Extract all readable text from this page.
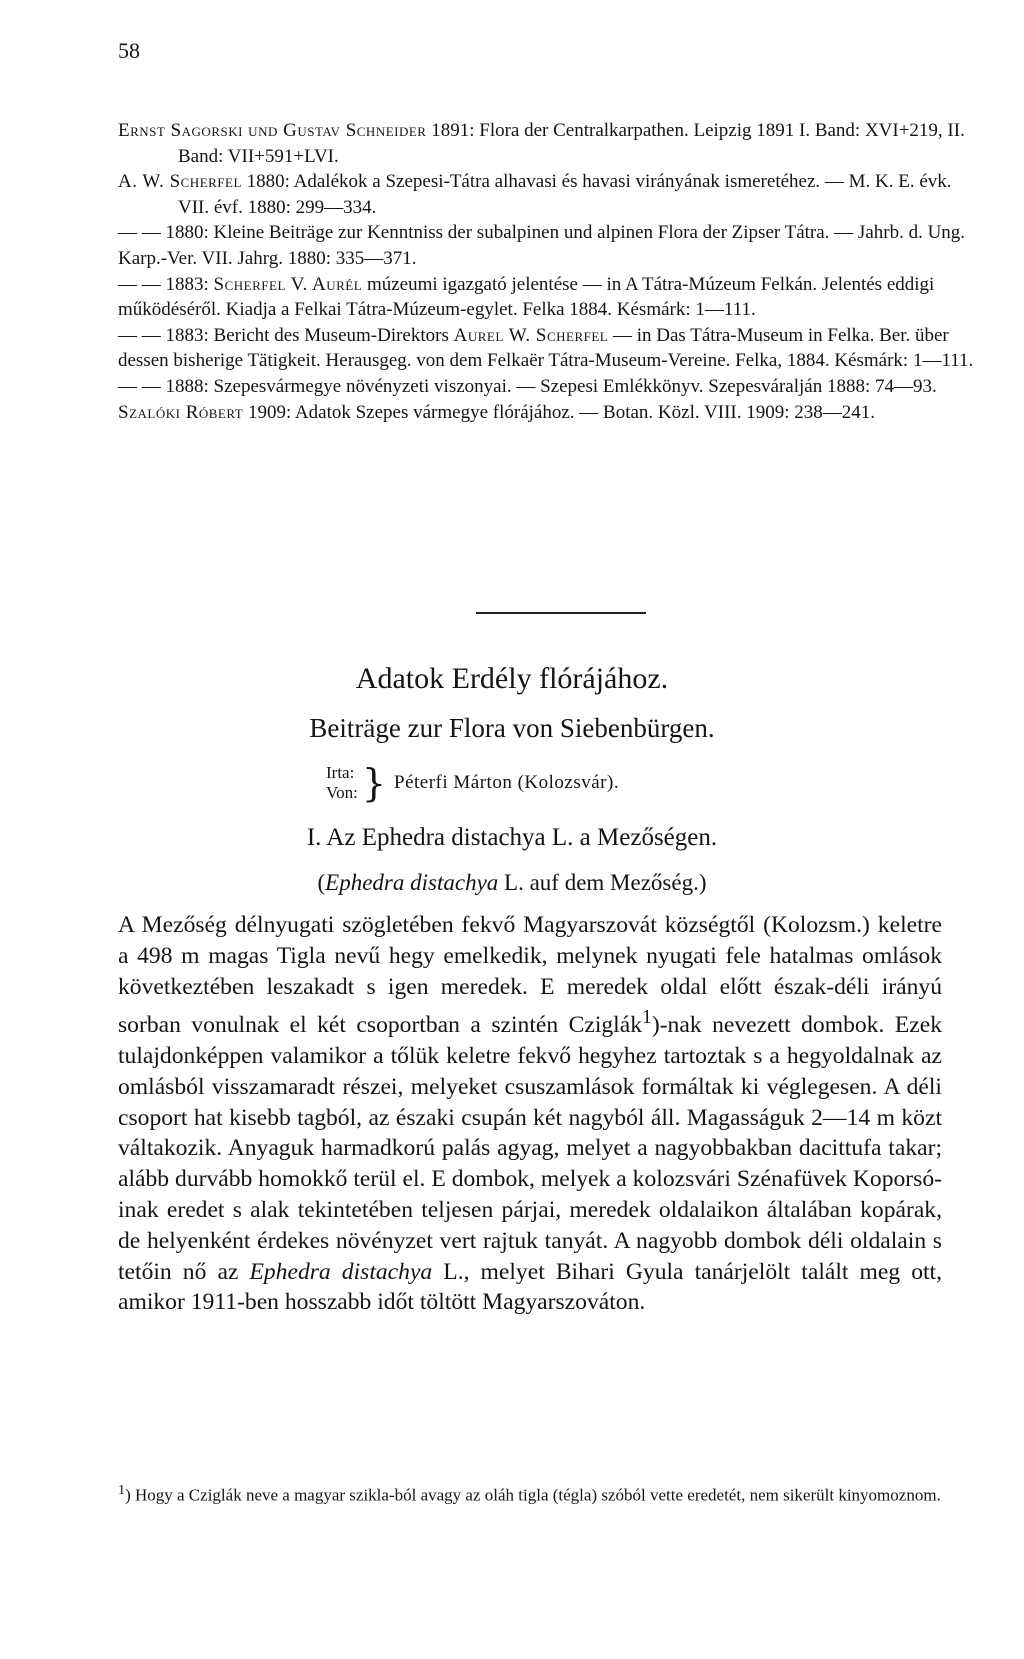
58

Ernst Sagorski und Gustav Schneider 1891: Flora der Centralkarpathen. Leipzig 1891 I. Band: XVI+219, II. Band: VII+591+LVI.

A. W. Scherfel 1880: Adalékok a Szepesi-Tátra alhavasi és havasi virányának ismeretéhez. — M. K. E. évk. VII. évf. 1880: 299—334.

— — 1880: Kleine Beiträge zur Kenntniss der subalpinen und alpinen Flora der Zipser Tátra. — Jahrb. d. Ung. Karp.-Ver. VII. Jahrg. 1880: 335—371.

— — 1883: Scherfel V. Aurél múzeumi igazgató jelentése — in A Tátra-Múzeum Felkán. Jelentés eddigi működéséről. Kiadja a Felkai Tátra-Múzeum-egylet. Felka 1884. Késmárk: 1—111.

— — 1883: Bericht des Museum-Direktors Aurel W. Scherfel — in Das Tátra-Museum in Felka. Ber. über dessen bisherige Tätigkeit. Herausgeg. von dem Felkaër Tátra-Museum-Vereine. Felka, 1884. Késmárk: 1—111.

— — 1888: Szepesvármegye növényzeti viszonyai. — Szepesi Emlékkönyv. Szepesváralján 1888: 74—93.

Szalóki Róbert 1909: Adatok Szepes vármegye flórájához. — Botan. Közl. VIII. 1909: 238—241.

Adatok Erdély flórájához.
Beiträge zur Flora von Siebenbürgen.
Irta:
Von: } Péterfi Márton (Kolozsvár).
I. Az Ephedra distachya L. a Mezőségen.
(Ephedra distachya L. auf dem Mezőség.)

A Mezőség délnyugati szögletében fekvő Magyarszovát községtől (Kolozsm.) keletre a 498 m magas Tigla nevű hegy emelkedik, melynek nyugati fele hatalmas omlások következtében leszakadt s igen meredek. E meredek oldal előtt észak-déli irányú sorban vonulnak el két csoportban a szintén Cziglák$^1$)-nak nevezett dombok. Ezek tulajdonképpen valamikor a tőlük keletre fekvő hegyhez tartoztak s a hegyoldalnak az omlásból visszamaradt részei, melyeket csuszamlások formáltak ki véglegesen. A déli csoport hat kisebb tagból, az északi csupán két nagyból áll. Magasságuk 2—14 m közt váltakozik. Anyaguk harmadkorú palás agyag, melyet a nagyobbakban dacittufa takar; alább durvább homokkő terül el. E dombok, melyek a kolozsvári Szénafüvek Koporsó-inak eredet s alak tekintetében teljesen párjai, meredek oldalaikon általában kopárak, de helyenként érdekes növényzet vert rajtuk tanyát. A nagyobb dombok déli oldalain s tetőin nő az Ephedra distachya L., melyet Bihari Gyula tanárjelölt talált meg ott, amikor 1911-ben hosszabb időt töltött Magyarszováton.

$^1$) Hogy a Cziglák neve a magyar szikla-ból avagy az oláh tigla (tégla) szóból vette eredetét, nem sikerült kinyomoznom.
